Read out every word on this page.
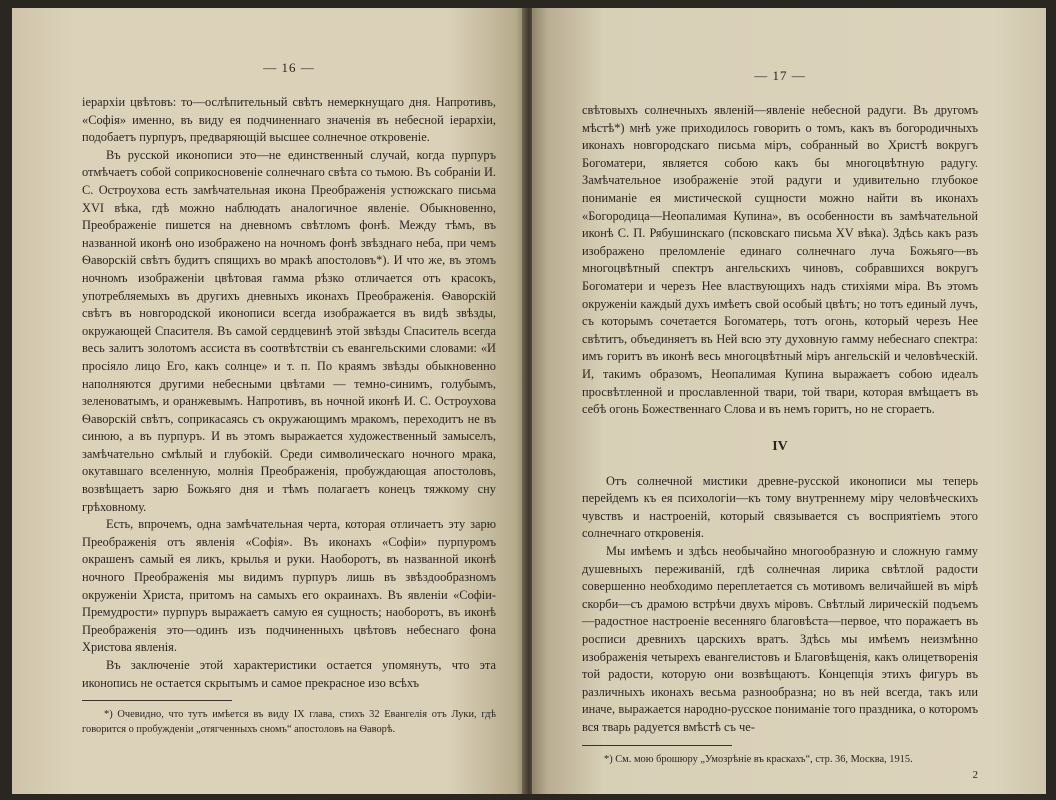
— 16 —

iерархiи цвѣтовъ: то—ослѣпительный свѣтъ немеркнущаго дня. Напротивъ, «Софiя» именно, въ виду ея подчиненнаго значенiя въ небесной iерархiи, подобаетъ пурпуръ, предваряющiй высшее солнечное откровенiе.

Въ русской иконописи это—не единственный случай, когда пурпуръ отмѣчаетъ собой соприкосновенiе солнечнаго свѣта со тьмою. Въ собранiи И. С. Остроухова есть замѣчательная икона Преображенiя устюжскаго письма XVI вѣка, гдѣ можно наблюдать аналогичное явленiе. Обыкновенно, Преображенiе пишется на дневномъ свѣтломъ фонѣ. Между тѣмъ, въ названной иконѣ оно изображено на ночномъ фонѣ звѣзднаго неба, при чемъ Ѳаворскiй свѣтъ будитъ спящихъ во мракѣ апостоловъ*). И что же, въ этомъ ночномъ изображенiи цвѣтовая гамма рѣзко отличается отъ красокъ, употребляемыхъ въ другихъ дневныхъ иконахъ Преображенiя. Ѳаворскiй свѣтъ въ новгородской иконописи всегда изображается въ видѣ звѣзды, окружающей Спасителя. Въ самой сердцевинѣ этой звѣзды Спаситель всегда весь залитъ золотомъ ассиста въ соотвѣтствiи съ евангельскими словами: «И просiяло лицо Его, какъ солнце» и т. п. По краямъ звѣзды обыкновенно наполняются другими небесными цвѣтами — темно-синимъ, голубымъ, зеленоватымъ, и оранжевымъ. Напротивъ, въ ночной иконѣ И. С. Остроухова Ѳаворскiй свѣтъ, соприкасаясь съ окружающимъ мракомъ, переходитъ не въ синюю, а въ пурпуръ. И въ этомъ выражается художественный замыселъ, замѣчательно смѣлый и глубокiй. Среди символическаго ночного мрака, окутавшаго вселенную, молнiя Преображенiя, пробуждающая апостоловъ, возвѣщаетъ зарю Божьяго дня и тѣмъ полагаетъ конецъ тяжкому сну грѣховному.

Есть, впрочемъ, одна замѣчательная черта, которая отличаетъ эту зарю Преображенiя отъ явленiя «Софiя». Въ иконахъ «Софiи» пурпуромъ окрашенъ самый ея ликъ, крылья и руки. Наоборотъ, въ названной иконѣ ночного Преображенiя мы видимъ пурпуръ лишь въ звѣздообразномъ окруженiи Христа, притомъ на самыхъ его окраинахъ. Въ явленiи «Софiи-Премудрости» пурпуръ выражаетъ самую ея сущность; наоборотъ, въ иконѣ Преображенiя это—одинъ изъ подчиненныхъ цвѣтовъ небеснаго фона Христова явленiя.

Въ заключенiе этой характеристики остается упомянуть, что эта иконопись не остается скрытымъ и самое прекрасное изо всѣхъ

*) Очевидно, что тутъ имѣется въ виду IX глава, стихъ 32 Евангелiя отъ Луки, гдѣ говорится о пробужденiи „отягченныхъ сномъ“ апостоловъ на Ѳаворѣ.

— 17 —

свѣтовыхъ солнечныхъ явленiй—явленiе небесной радуги. Въ другомъ мѣстѣ*) мнѣ уже приходилось говорить о томъ, какъ въ богородичныхъ иконахъ новгородскаго письма мiръ, собранный во Христѣ вокругъ Богоматери, является собою какъ бы многоцвѣтную радугу. Замѣчательное изображенiе этой радуги и удивительно глубокое пониманiе ея мистической сущности можно найти въ иконахъ «Богородица—Неопалимая Купина», въ особенности въ замѣчательной иконѣ С. П. Рябушинскаго (псковскаго письма XV вѣка). Здѣсь какъ разъ изображено преломленiе единаго солнечнаго луча Божьяго—въ многоцвѣтный спектръ ангельскихъ чиновъ, собравшихся вокругъ Богоматери и черезъ Нее властвующихъ надъ стихiями мiра. Въ этомъ окруженiи каждый духъ имѣетъ свой особый цвѣтъ; но тотъ единый лучъ, съ которымъ сочетается Богоматерь, тотъ огонь, который черезъ Нее свѣтитъ, объединяетъ въ Ней всю эту духовную гамму небеснаго спектра: имъ горитъ въ иконѣ весь многоцвѣтный мiръ ангельскiй и человѣческiй. И, такимъ образомъ, Неопалимая Купина выражаетъ собою идеалъ просвѣтленной и прославленной твари, той твари, которая вмѣщаетъ въ себѣ огонь Божественнаго Слова и въ немъ горитъ, но не сгораетъ.

IV

Отъ солнечной мистики древне-русской иконописи мы теперь перейдемъ къ ея психологiи—къ тому внутреннему мiру человѣческихъ чувствъ и настроенiй, который связывается съ восприятiемъ этого солнечнаго откровенiя.

Мы имѣемъ и здѣсь необычайно многообразную и сложную гамму душевныхъ переживанiй, гдѣ солнечная лирика свѣтлой радости совершенно необходимо переплетается съ мотивомъ величайшей въ мiрѣ скорби—съ драмою встрѣчи двухъ мiровъ. Свѣтлый лирическiй подъемъ—радостное настроенiе весенняго благовѣста—первое, что поражаетъ въ росписи древнихъ царскихъ вратъ. Здѣсь мы имѣемъ неизмѣнно изображенiя четырехъ евангелистовъ и Благовѣщенiя, какъ олицетворенiя той радости, которую они возвѣщаютъ. Концепцiя этихъ фигуръ въ различныхъ иконахъ весьма разнообразна; но въ ней всегда, такъ или иначе, выражается народно-русское пониманiе того праздника, о которомъ вся тварь радуется вмѣстѣ съ че-

*) См. мою брошюру „Умозрѣнiе въ краскахъ“, стр. 36, Москва, 1915.

2
